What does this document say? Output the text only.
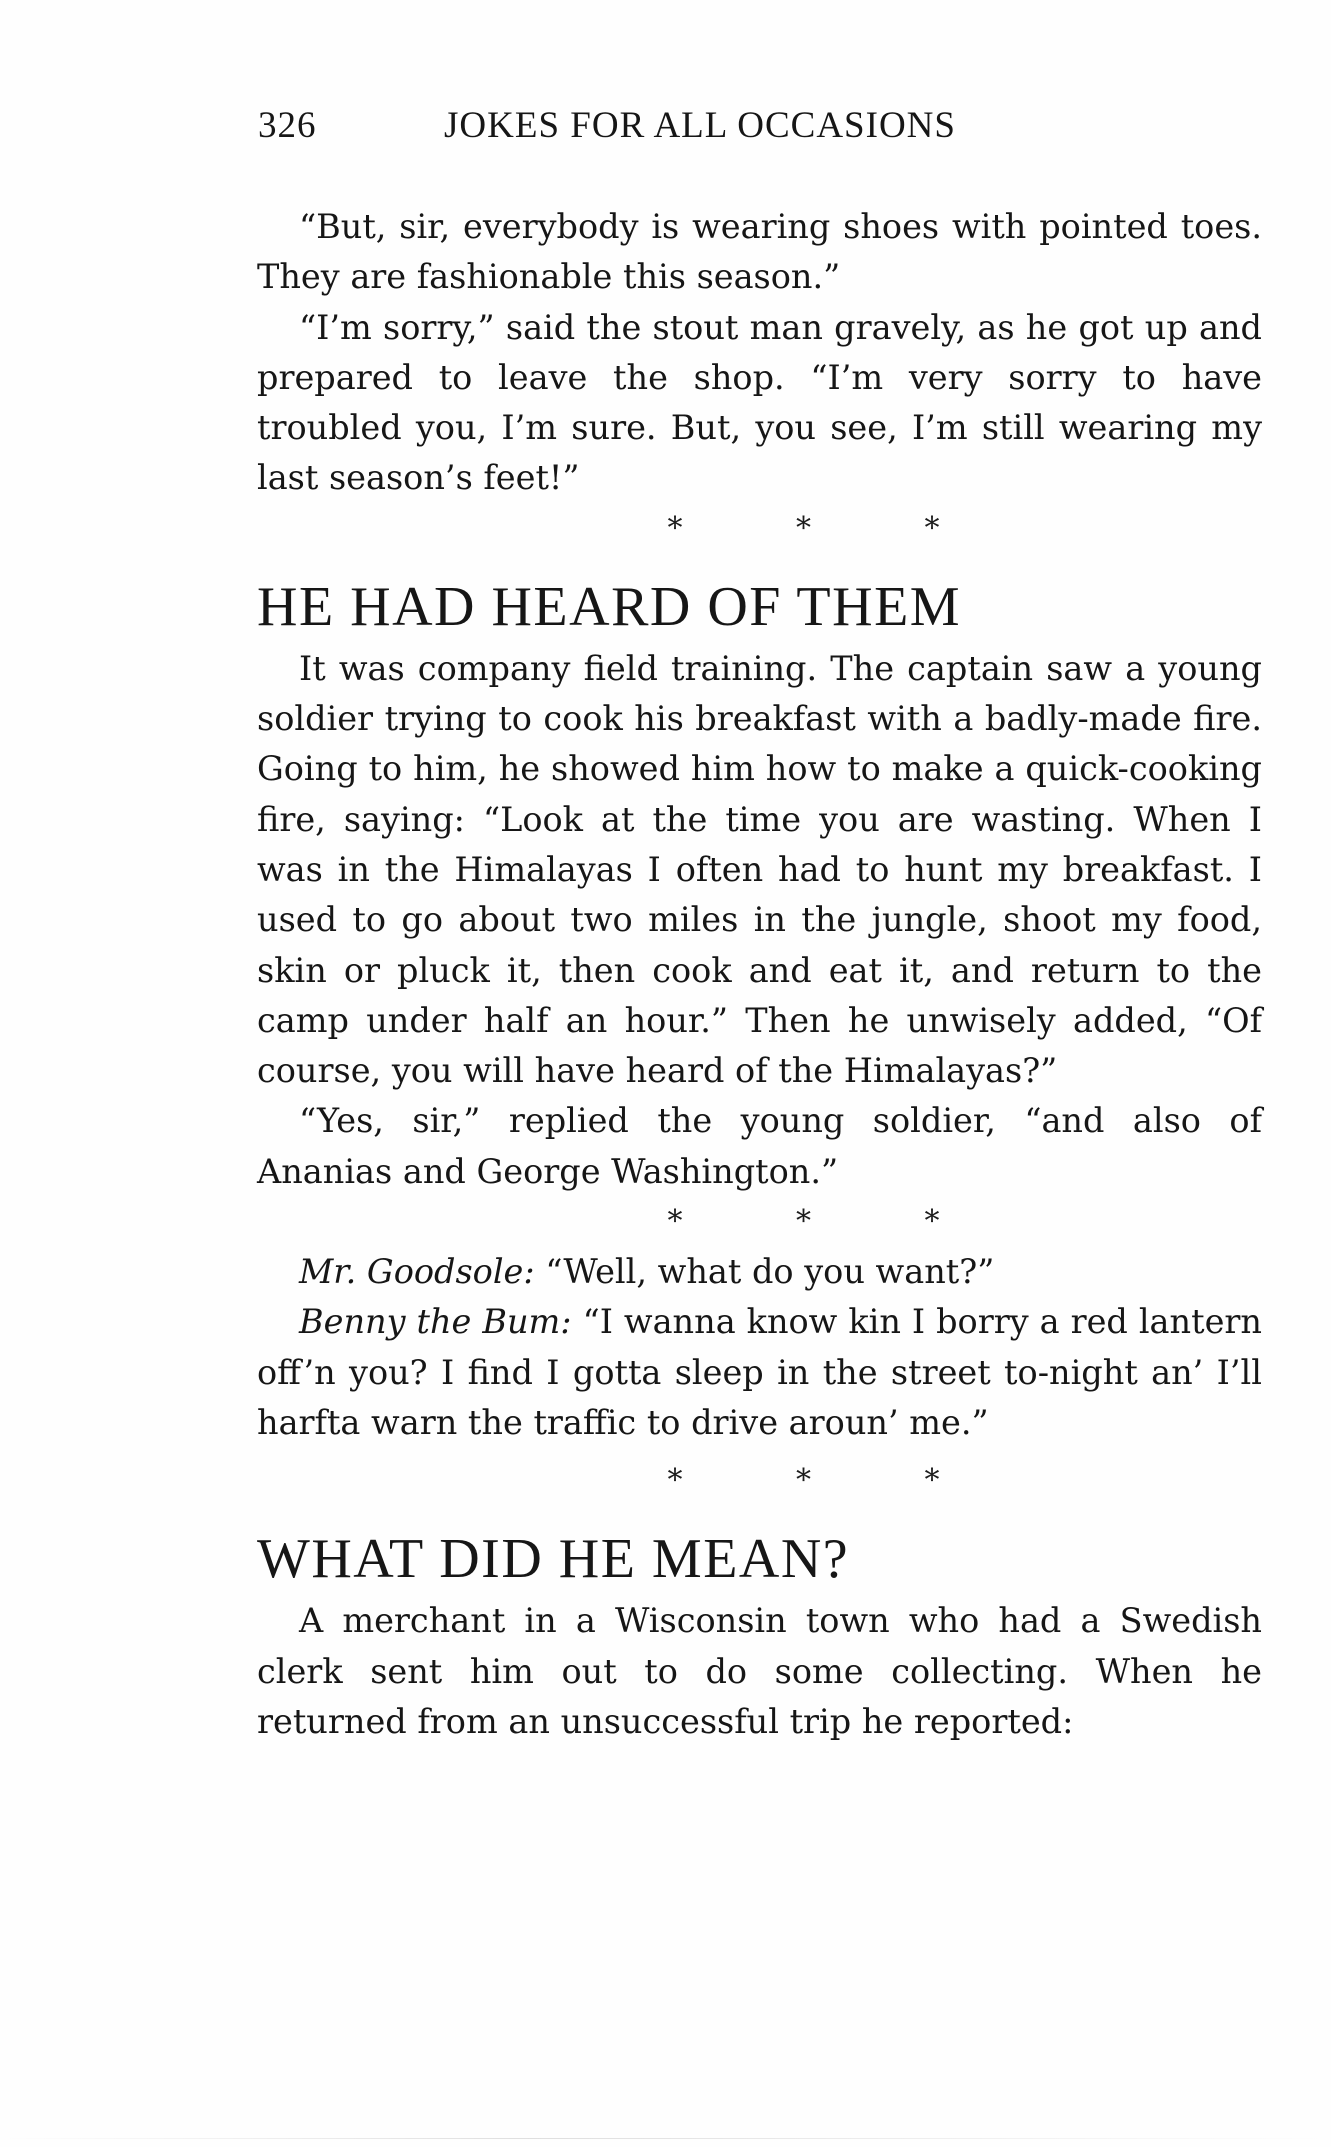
326	JOKES FOR ALL OCCASIONS

“But, sir, everybody is wearing shoes with pointed toes. They are fashionable this season.”

“I’m sorry,” said the stout man gravely, as he got up and prepared to leave the shop. “I’m very sorry to have troubled you, I’m sure. But, you see, I’m still wearing my last season’s feet!”

* * *
HE HAD HEARD OF THEM

It was company field training. The captain saw a young soldier trying to cook his breakfast with a badly-made fire. Going to him, he showed him how to make a quick-cooking fire, saying: “Look at the time you are wasting. When I was in the Himalayas I often had to hunt my breakfast. I used to go about two miles in the jungle, shoot my food, skin or pluck it, then cook and eat it, and return to the camp under half an hour.” Then he unwisely added, “Of course, you will have heard of the Himalayas?”

“Yes, sir,” replied the young soldier, “and also of Ananias and George Washington.”

* * *

Mr. Goodsole: “Well, what do you want?”

Benny the Bum: “I wanna know kin I borry a red lantern off’n you? I find I gotta sleep in the street to-night an’ I’ll harfta warn the traffic to drive aroun’ me.”

* * *
WHAT DID HE MEAN?

A merchant in a Wisconsin town who had a Swedish clerk sent him out to do some collecting. When he returned from an unsuccessful trip he reported:
